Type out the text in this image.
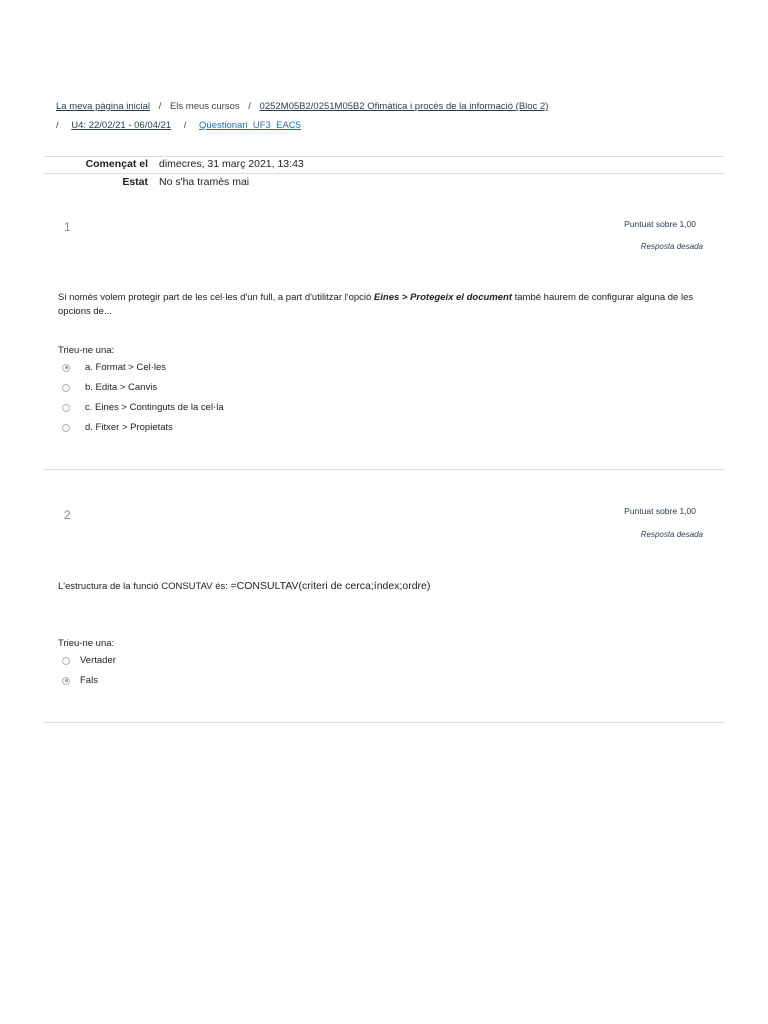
La meva pàgina inicial / Els meus cursos / 0252M05B2/0251M05B2 Ofimàtica i procés de la informació (Bloc 2)
/ U4: 22/02/21 - 06/04/21 / Qüestionari_UF3_EAC5
Començat el dimecres, 31 març 2021, 13:43
Estat No s'ha tramès mai
1	Puntuat sobre 1,00
Resposta desada
Si només volem protegir part de les cel·les d'un full, a part d'utilitzar l'opció Eines > Protegeix el document també haurem de configurar alguna de les opcions de...
Trieu-ne una:
a. Format > Cel·les
b. Edita > Canvis
c. Eines > Continguts de la cel·la
d. Fitxer > Propietats
2	Puntuat sobre 1,00
Resposta desada
L'estructura de la funció CONSUTAV és: =CONSULTAV(criteri de cerca;índex;ordre)
Trieu-ne una:
Vertader
Fals
